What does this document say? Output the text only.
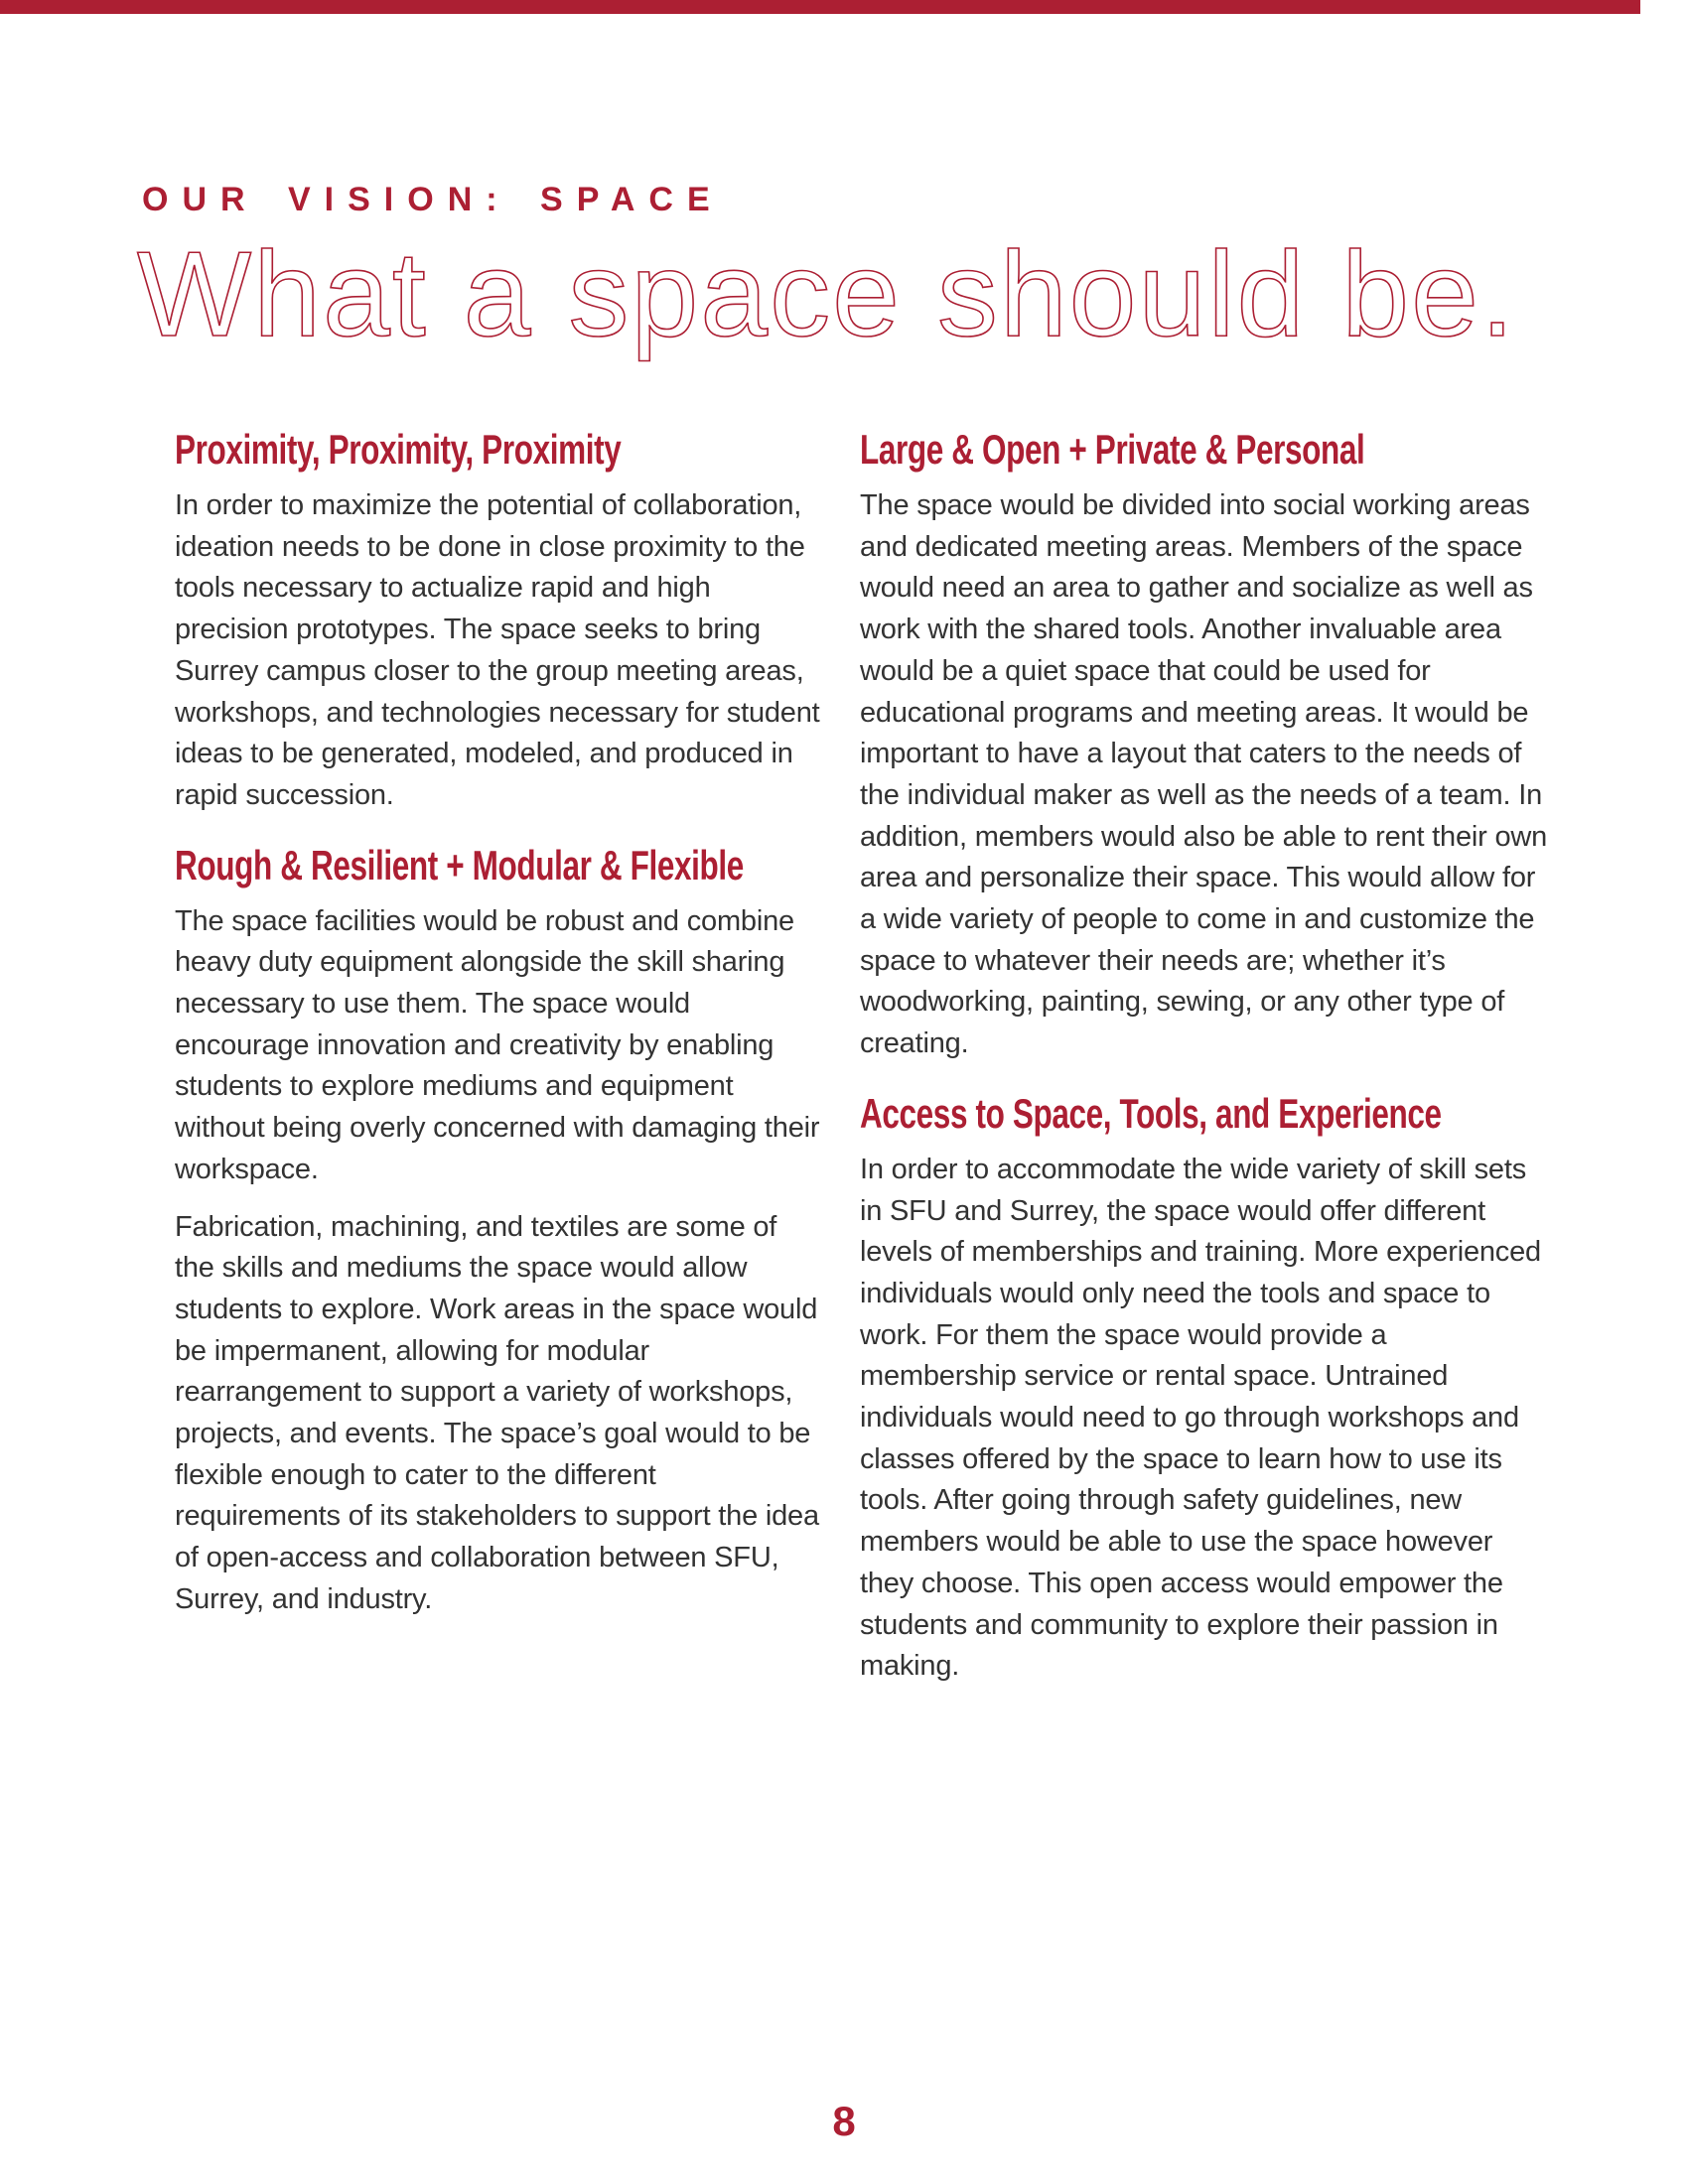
OUR VISION: SPACE
What a space should be.
Proximity, Proximity, Proximity

In order to maximize the potential of collaboration, ideation needs to be done in close proximity to the tools necessary to actualize rapid and high precision prototypes. The space seeks to bring Surrey campus closer to the group meeting areas, workshops, and technologies necessary for student ideas to be generated, modeled, and produced in rapid succession.

Rough & Resilient + Modular & Flexible

The space facilities would be robust and combine heavy duty equipment alongside the skill sharing necessary to use them. The space would encourage innovation and creativity by enabling students to explore mediums and equipment without being overly concerned with damaging their workspace.

Fabrication, machining, and textiles are some of the skills and mediums the space would allow students to explore. Work areas in the space would be impermanent, allowing for modular rearrangement to support a variety of workshops, projects, and events. The space’s goal would to be flexible enough to cater to the different requirements of its stakeholders to support the idea of open-access and collaboration between SFU, Surrey, and industry.

Large & Open + Private & Personal

The space would be divided into social working areas and dedicated meeting areas. Members of the space would need an area to gather and socialize as well as work with the shared tools. Another invaluable area would be a quiet space that could be used for educational programs and meeting areas. It would be important to have a layout that caters to the needs of the individual maker as well as the needs of a team. In addition, members would also be able to rent their own area and personalize their space. This would allow for a wide variety of people to come in and customize the space to whatever their needs are; whether it’s woodworking, painting, sewing, or any other type of creating.

Access to Space, Tools, and Experience

In order to accommodate the wide variety of skill sets in SFU and Surrey, the space would offer different levels of memberships and training. More experienced individuals would only need the tools and space to work. For them the space would provide a membership service or rental space. Untrained individuals would need to go through workshops and classes offered by the space to learn how to use its tools. After going through safety guidelines, new members would be able to use the space however they choose. This open access would empower the students and community to explore their passion in making.

8
